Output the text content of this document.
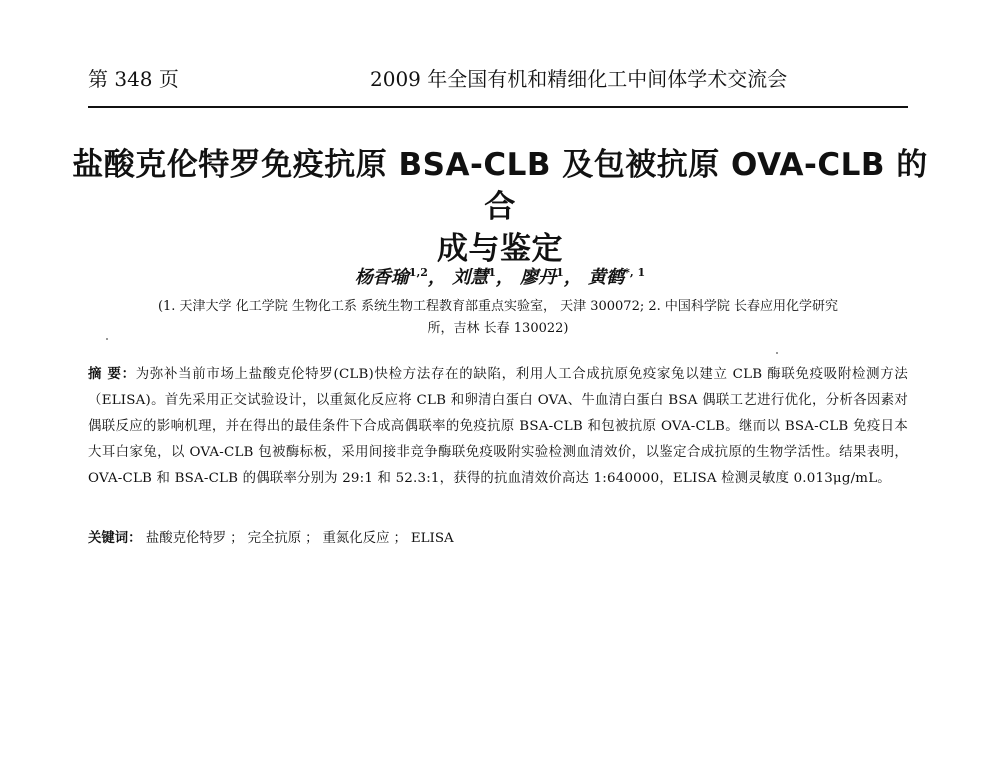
第 348 页	2009 年全国有机和精细化工中间体学术交流会
盐酸克伦特罗免疫抗原 BSA-CLB 及包被抗原 OVA-CLB 的合
成与鉴定
杨香瑜$^{1,2}$， 刘慧$^1$， 廖丹$^1$， 黄鹤$^{*, 1}$
(1. 天津大学 化工学院 生物化工系 系统生物工程教育部重点实验室， 天津 300072; 2. 中国科学院 长春应用化学研究
所，吉林 长春 130022)
摘 要：为弥补当前市场上盐酸克伦特罗(CLB)快检方法存在的缺陷，利用人工合成抗原免疫家兔以建立 CLB 酶联免疫吸附检测方法（ELISA)。首先采用正交试验设计，以重氮化反应将 CLB 和卵清白蛋白 OVA、牛血清白蛋白 BSA 偶联工艺进行优化，分析各因素对偶联反应的影响机理，并在得出的最佳条件下合成高偶联率的免疫抗原 BSA-CLB 和包被抗原 OVA-CLB。继而以 BSA-CLB 免疫日本大耳白家兔，以 OVA-CLB 包被酶标板，采用间接非竞争酶联免疫吸附实验检测血清效价，以鉴定合成抗原的生物学活性。结果表明，OVA-CLB 和 BSA-CLB 的偶联率分别为 29:1 和 52.3:1，获得的抗血清效价高达 1:640000，ELISA 检测灵敏度 0.013μg/mL。
关键词： 盐酸克伦特罗 ； 完全抗原 ； 重氮化反应 ； ELISA
